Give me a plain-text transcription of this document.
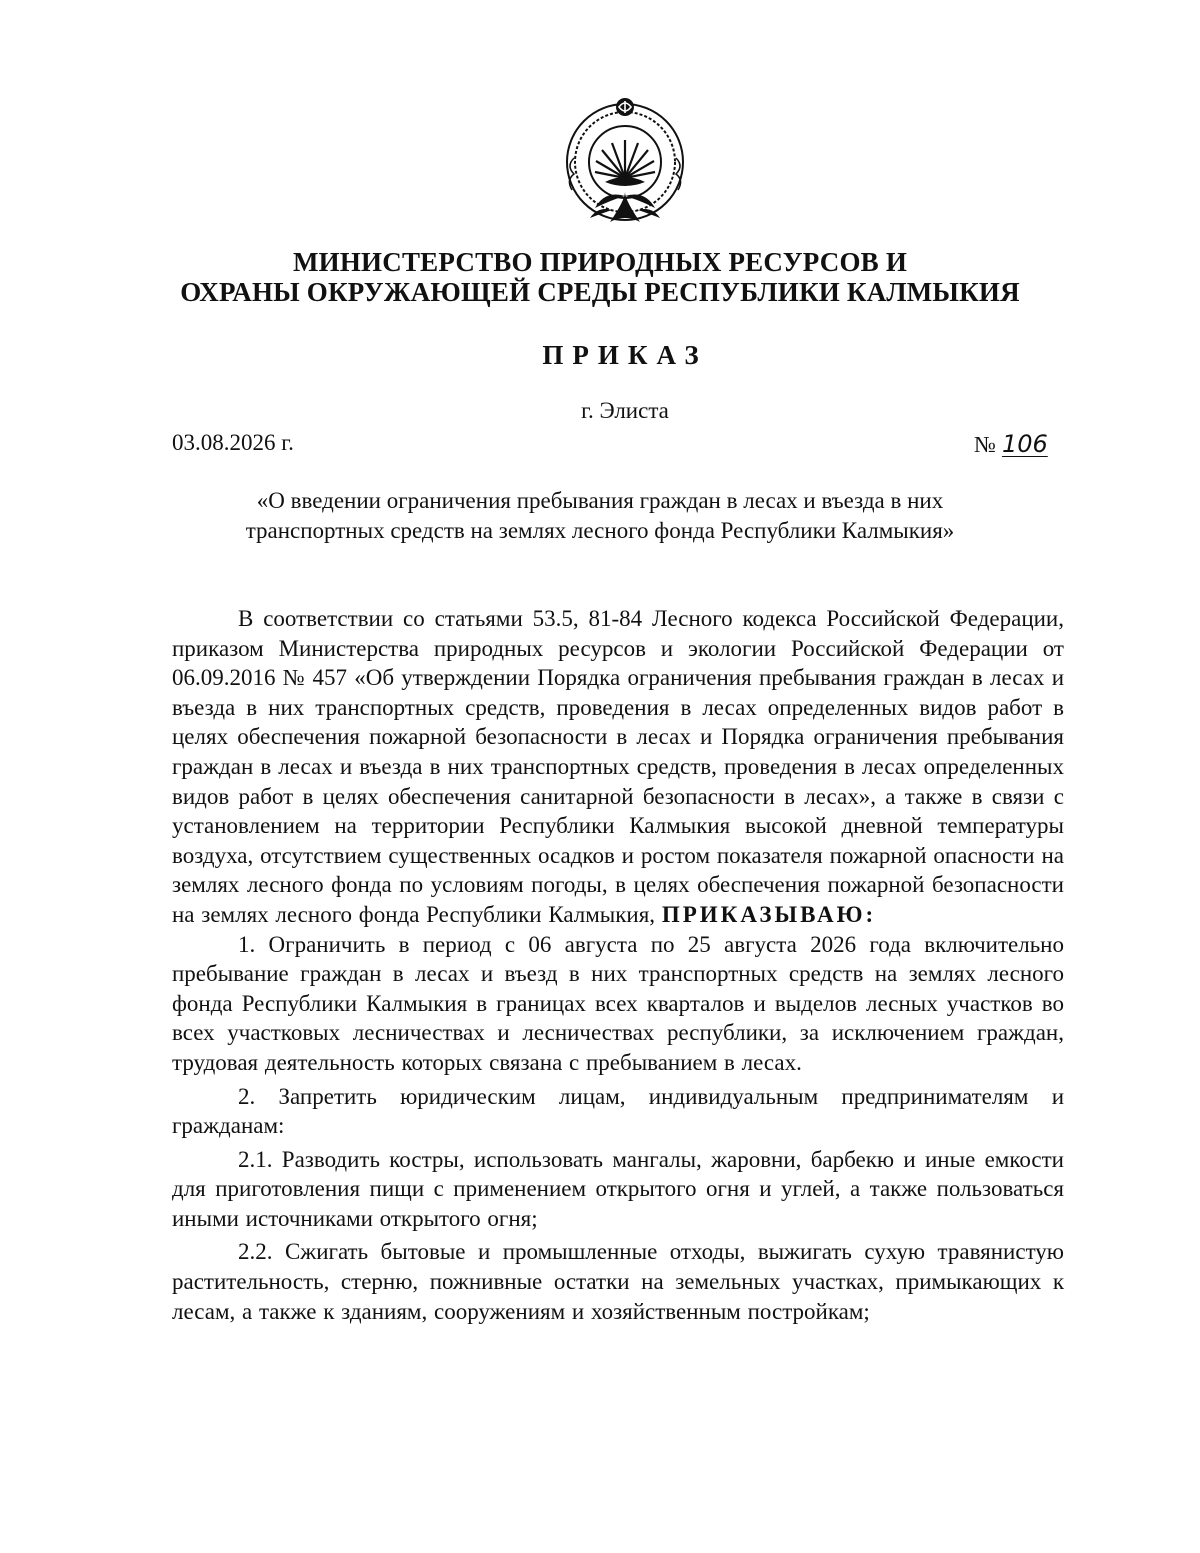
МИНИСТЕРСТВО ПРИРОДНЫХ РЕСУРСОВ И
ОХРАНЫ ОКРУЖАЮЩЕЙ СРЕДЫ РЕСПУБЛИКИ КАЛМЫКИЯ
ПРИКАЗ
г. Элиста
03.08.2026 г.	№ 106
«О введении ограничения пребывания граждан в лесах и въезда в них
транспортных средств на землях лесного фонда Республики Калмыкия»

В соответствии со статьями 53.5, 81-84 Лесного кодекса Российской Федерации, приказом Министерства природных ресурсов и экологии Российской Федерации от 06.09.2016 № 457 «Об утверждении Порядка ограничения пребывания граждан в лесах и въезда в них транспортных средств, проведения в лесах определенных видов работ в целях обеспечения пожарной безопасности в лесах и Порядка ограничения пребывания граждан в лесах и въезда в них транспортных средств, проведения в лесах определенных видов работ в целях обеспечения санитарной безопасности в лесах», а также в связи с установлением на территории Республики Калмыкия высокой дневной температуры воздуха, отсутствием существенных осадков и ростом показателя пожарной опасности на землях лесного фонда по условиям погоды, в целях обеспечения пожарной безопасности на землях лесного фонда Республики Калмыкия, ПРИКАЗЫВАЮ:

1. Ограничить в период с 06 августа по 25 августа 2026 года включительно пребывание граждан в лесах и въезд в них транспортных средств на землях лесного фонда Республики Калмыкия в границах всех кварталов и выделов лесных участков во всех участковых лесничествах и лесничествах республики, за исключением граждан, трудовая деятельность которых связана с пребыванием в лесах.

2. Запретить юридическим лицам, индивидуальным предпринимателям и гражданам:

2.1. Разводить костры, использовать мангалы, жаровни, барбекю и иные емкости для приготовления пищи с применением открытого огня и углей, а также пользоваться иными источниками открытого огня;

2.2. Сжигать бытовые и промышленные отходы, выжигать сухую травянистую растительность, стерню, пожнивные остатки на земельных участках, примыкающих к лесам, а также к зданиям, сооружениям и хозяйственным постройкам;
